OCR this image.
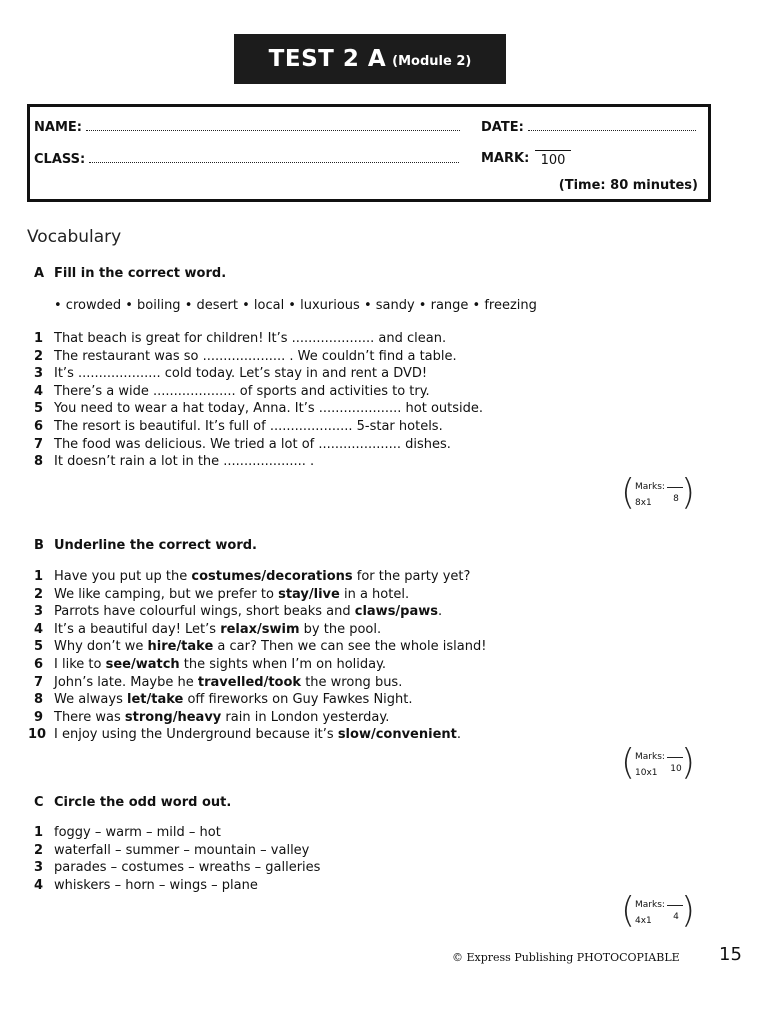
TEST 2 A (Module 2)
NAME:	DATE:
CLASS:	MARK: 100
(Time: 80 minutes)
Vocabulary
A Fill in the correct word.
• crowded • boiling • desert • local • luxurious • sandy • range • freezing
1 That beach is great for children! It’s .................... and clean.
2 The restaurant was so .................... . We couldn’t find a table.
3 It’s .................... cold today. Let’s stay in and rent a DVD!
4 There’s a wide .................... of sports and activities to try.
5 You need to wear a hat today, Anna. It’s .................... hot outside.
6 The resort is beautiful. It’s full of .................... 5-star hotels.
7 The food was delicious. We tried a lot of .................... dishes.
8 It doesn’t rain a lot in the .................... .
( Marks:
8
8x1 )
B Underline the correct word.
1 Have you put up the costumes/decorations for the party yet?
2 We like camping, but we prefer to stay/live in a hotel.
3 Parrots have colourful wings, short beaks and claws/paws.
4 It’s a beautiful day! Let’s relax/swim by the pool.
5 Why don’t we hire/take a car? Then we can see the whole island!
6 I like to see/watch the sights when I’m on holiday.
7 John’s late. Maybe he travelled/took the wrong bus.
8 We always let/take off fireworks on Guy Fawkes Night.
9 There was strong/heavy rain in London yesterday.
10 I enjoy using the Underground because it’s slow/convenient.
( Marks:
10
10x1 )
C Circle the odd word out.
1 foggy – warm – mild – hot
2 waterfall – summer – mountain – valley
3 parades – costumes – wreaths – galleries
4 whiskers – horn – wings – plane
( Marks:
4
4x1 )
© Express Publishing PHOTOCOPIABLE 15
